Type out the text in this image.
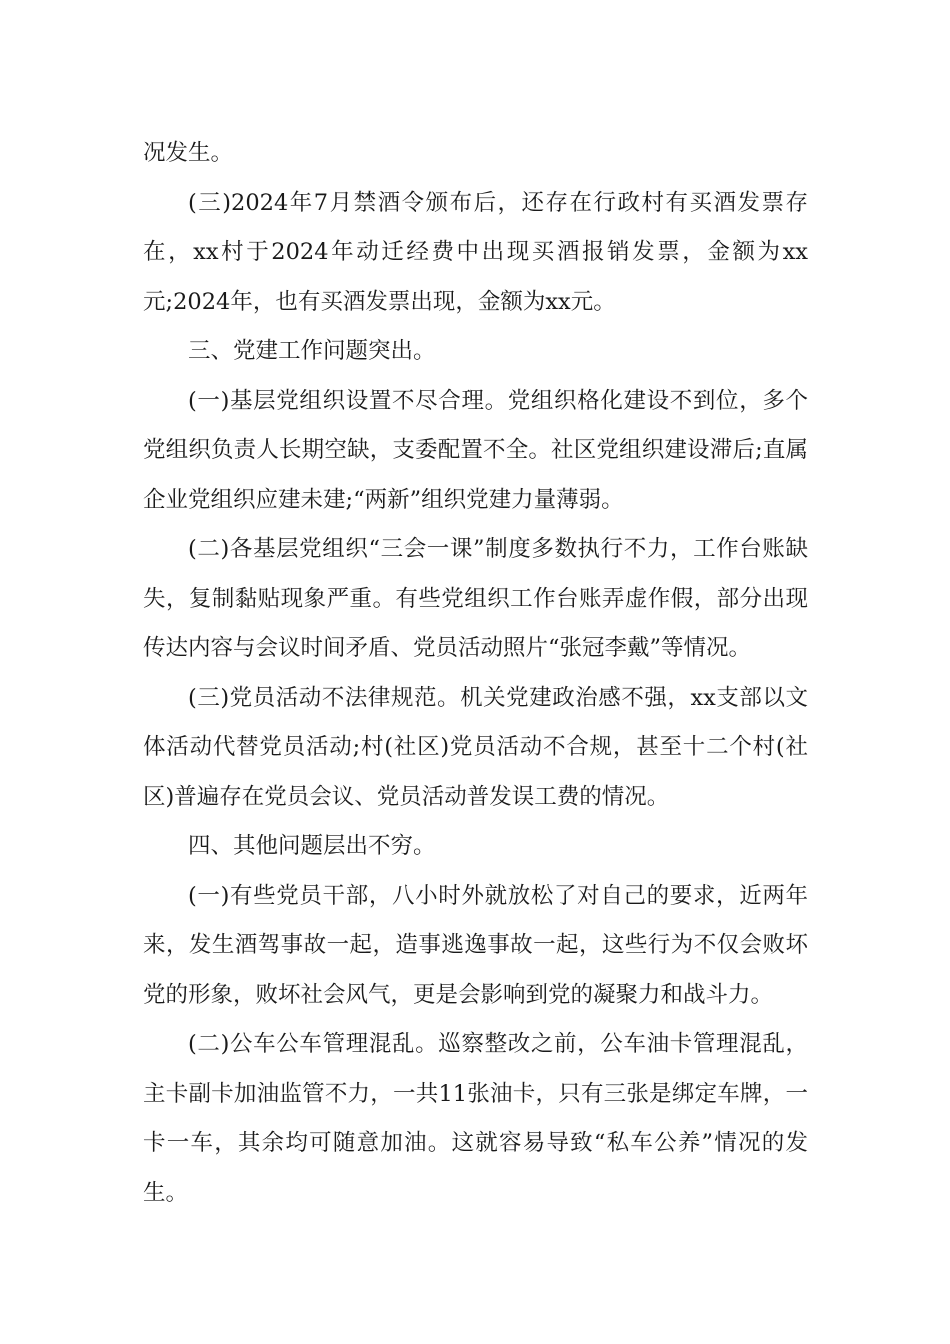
况发生。

(三)2024年7月禁酒令颁布后，还存在行政村有买酒发票存在，xx村于2024年动迁经费中出现买酒报销发票，金额为xx元;2024年，也有买酒发票出现，金额为xx元。

三、党建工作问题突出。

(一)基层党组织设置不尽合理。党组织格化建设不到位，多个党组织负责人长期空缺，支委配置不全。社区党组织建设滞后;直属企业党组织应建未建;“两新”组织党建力量薄弱。

(二)各基层党组织“三会一课”制度多数执行不力，工作台账缺失，复制黏贴现象严重。有些党组织工作台账弄虚作假，部分出现传达内容与会议时间矛盾、党员活动照片“张冠李戴”等情况。

(三)党员活动不法律规范。机关党建政治感不强，xx支部以文体活动代替党员活动;村(社区)党员活动不合规，甚至十二个村(社区)普遍存在党员会议、党员活动普发误工费的情况。

四、其他问题层出不穷。

(一)有些党员干部，八小时外就放松了对自己的要求，近两年来，发生酒驾事故一起，造事逃逸事故一起，这些行为不仅会败坏党的形象，败坏社会风气，更是会影响到党的凝聚力和战斗力。

(二)公车公车管理混乱。巡察整改之前，公车油卡管理混乱，主卡副卡加油监管不力，一共11张油卡，只有三张是绑定车牌，一卡一车，其余均可随意加油。这就容易导致“私车公养”情况的发生。
